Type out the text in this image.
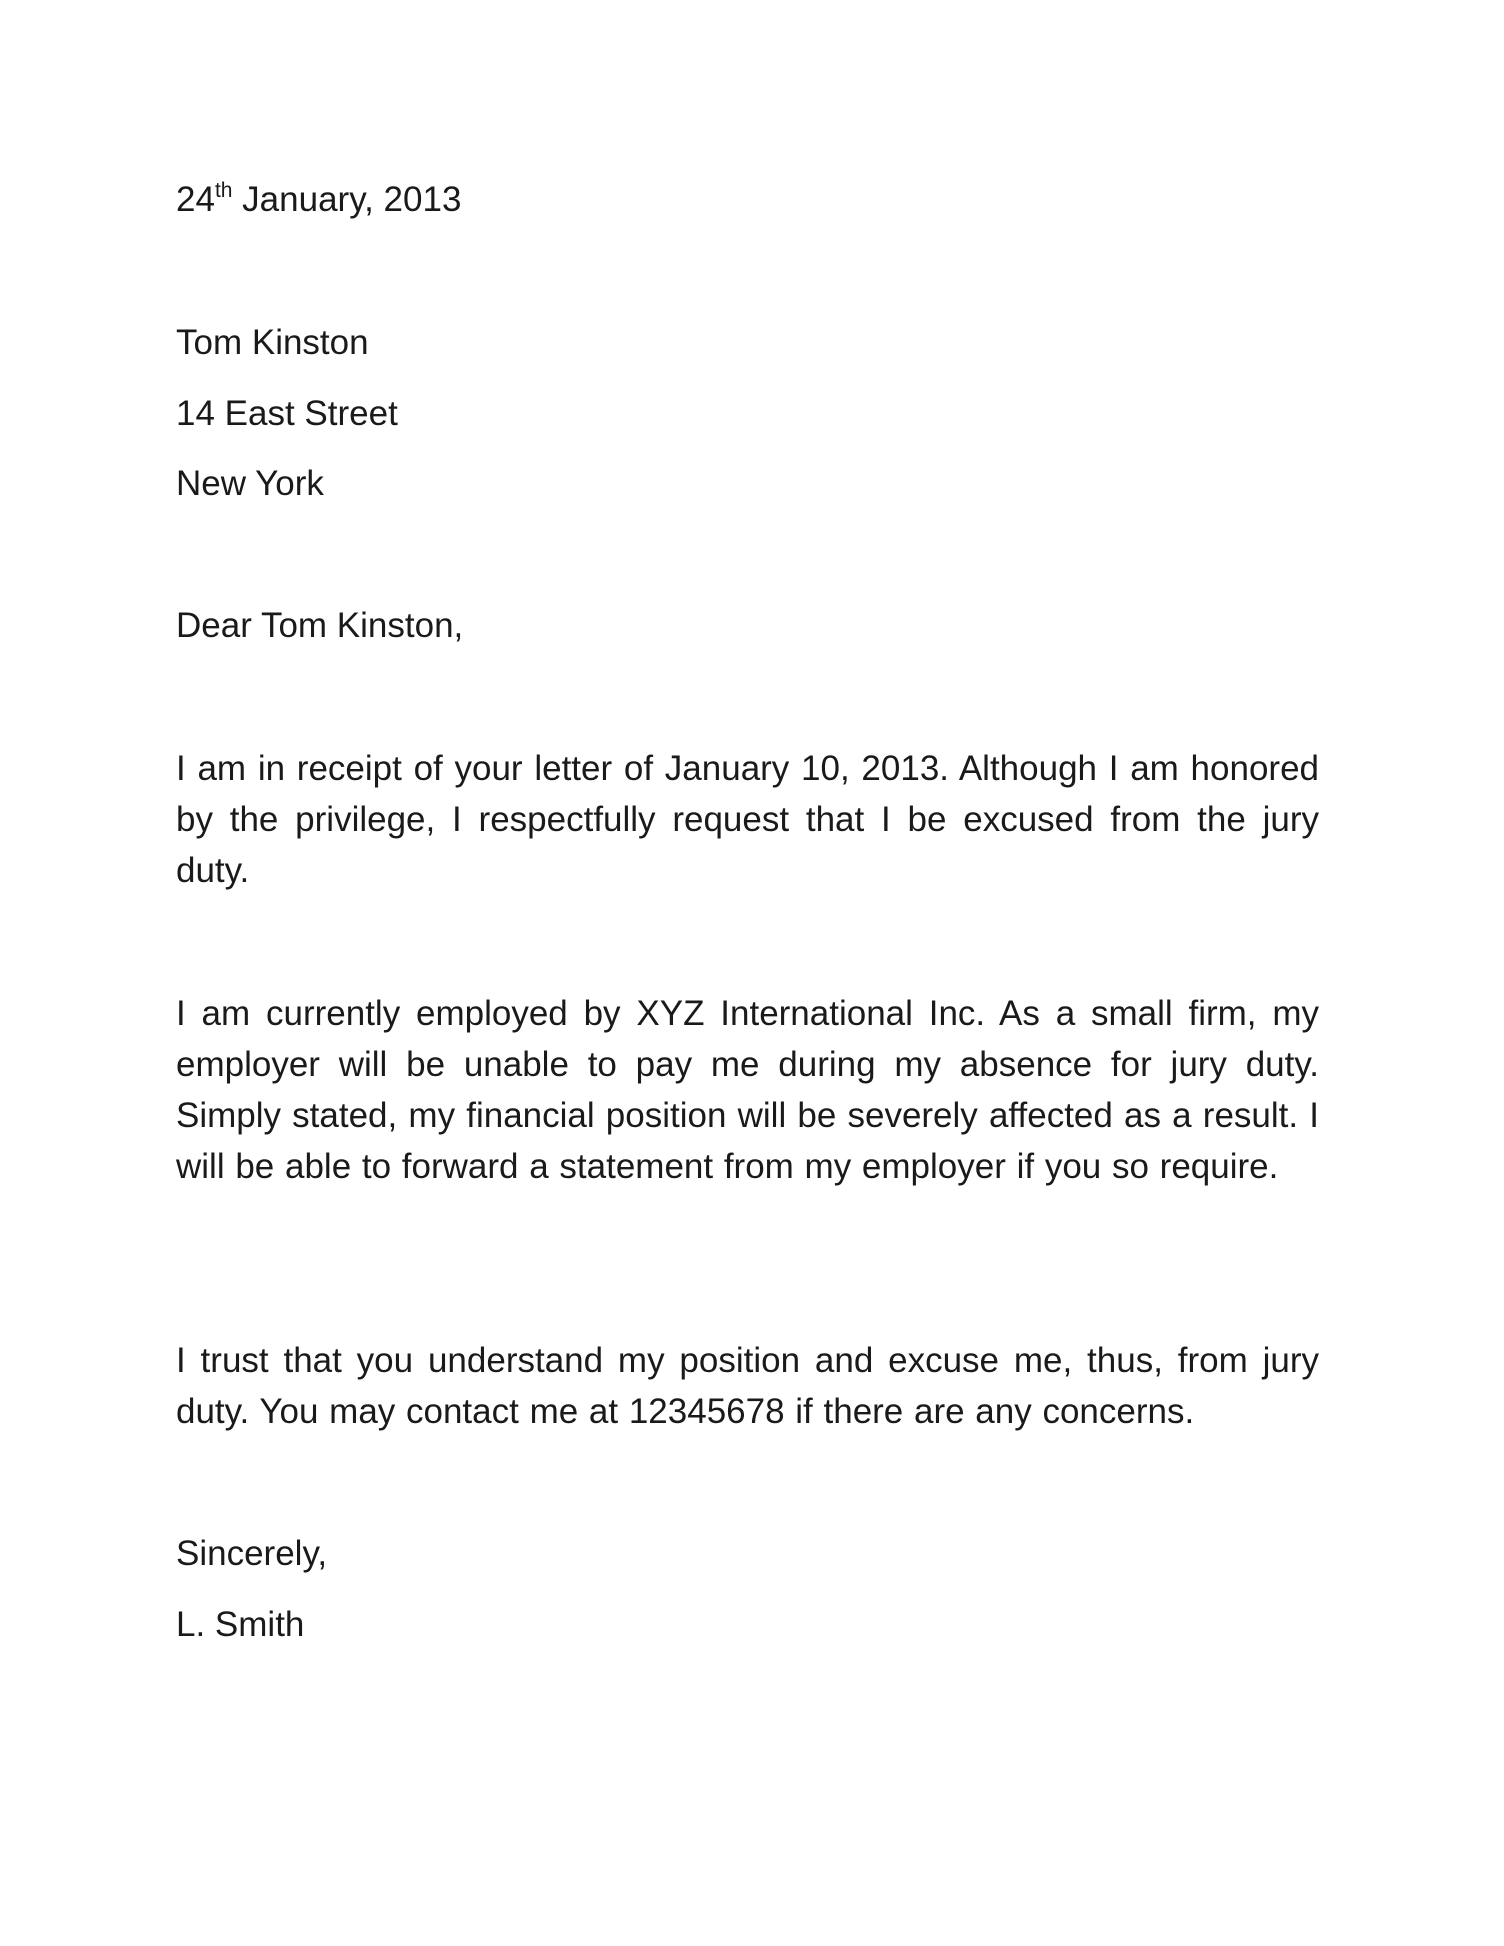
24th January, 2013

Tom Kinston

14 East Street

New York

Dear Tom Kinston,

I am in receipt of your letter of January 10, 2013. Although I am honored by the privilege, I respectfully request that I be excused from the jury duty.

I am currently employed by XYZ International Inc. As a small firm, my employer will be unable to pay me during my absence for jury duty. Simply stated, my financial position will be severely affected as a result. I will be able to forward a statement from my employer if you so require.

I trust that you understand my position and excuse me, thus, from jury duty. You may contact me at 12345678 if there are any concerns.

Sincerely,

L. Smith
